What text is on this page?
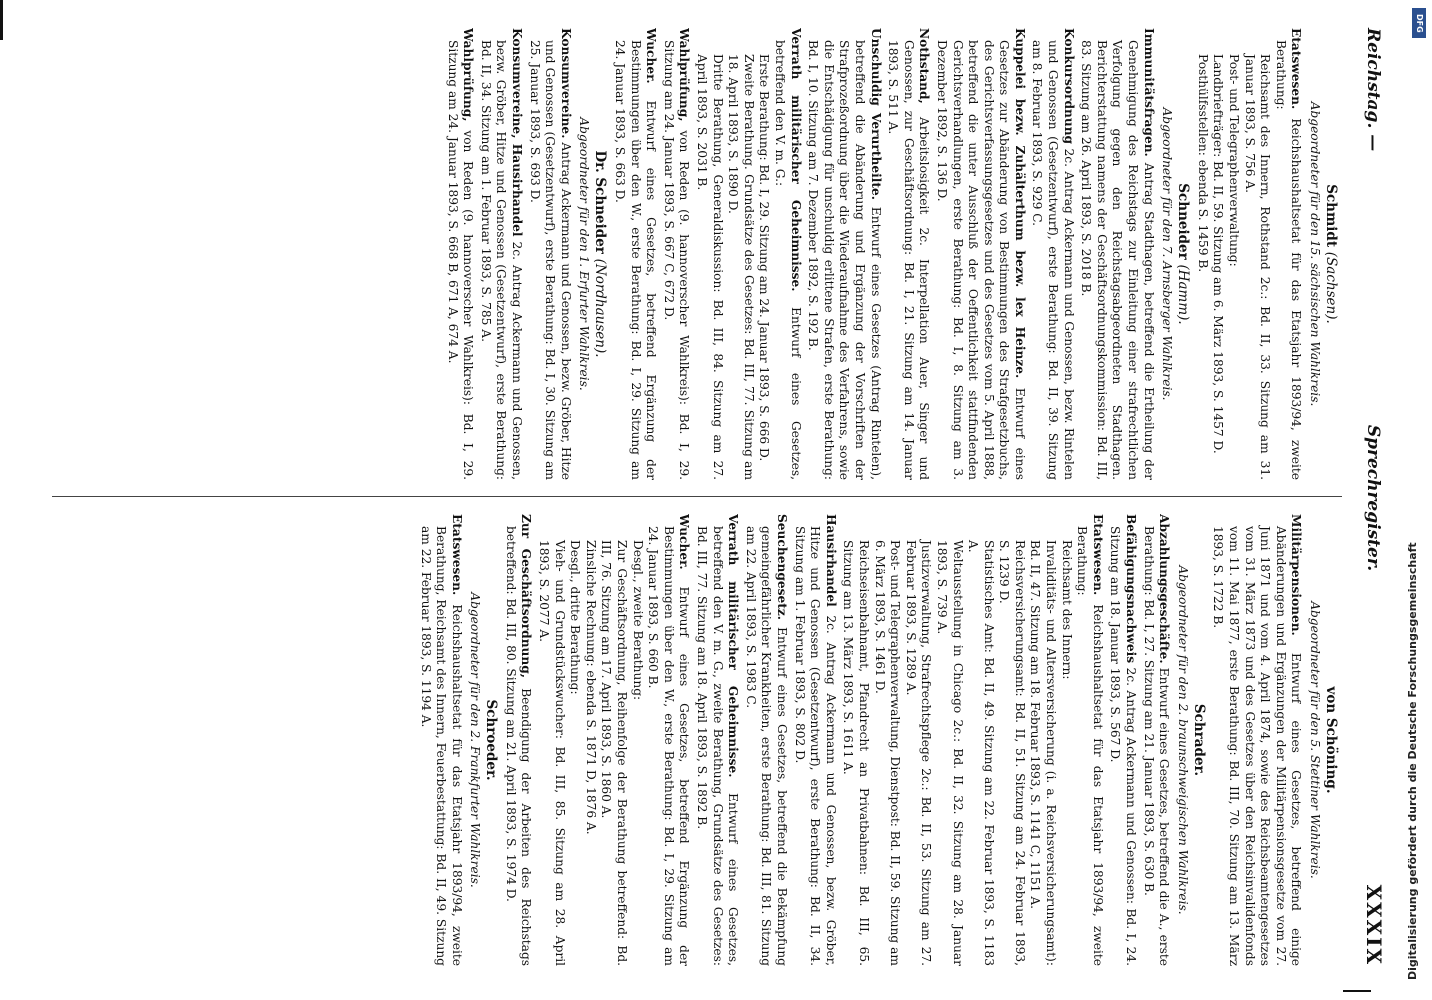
Reichstag. —
Sprechregister.
XXXIX
Schmidt (Sachsen).
Abgeordneter für den 15. sächsischen Wahlkreis.
Etatswesen. Reichshaushaltsetat für das Etatsjahr 1893/94, zweite Berathung:
Reichsamt des Innern, Rothstand 2c.: Bd. II, 33. Sitzung am 31. Januar 1893, S. 756 A.
Post- und Telegraphenverwaltung:
Landbriefträger: Bd. II, 59. Sitzung am 6. März 1893, S. 1457 D.
Posthülfsstellen: ebenda S. 1459 B.
Schneider (Hamm).
Abgeordneter für den 7. Arnsberger Wahlkreis.
Immunitätsfragen. Antrag Stadthagen, betreffend die Ertheilung der Genehmigung des Reichstags zur Einleitung einer strafrechtlichen Verfolgung gegen den Reichstagsabgeordneten Stadthagen. Berichterstattung namens der Geschäftsordnungskommission: Bd. III, 83. Sitzung am 26. April 1893, S. 2018 B.
Konkursordnung 2c. Antrag Ackermann und Genossen, bezw. Rintelen und Genossen (Gesetzentwurf), erste Berathung: Bd. II, 39. Sitzung am 8. Februar 1893, S. 929 C.
Kuppelei bezw. Zuhälterthum bezw. lex Heinze. Entwurf eines Gesetzes zur Abänderung von Bestimmungen des Strafgesetzbuchs, des Gerichtsverfassungsgesetzes und des Gesetzes vom 5. April 1888, betreffend die unter Ausschluß der Oeffentlichkeit stattfindenden Gerichtsverhandlungen, erste Berathung: Bd. I, 8. Sitzung am 3. Dezember 1892, S. 136 D.
Nothstand, Arbeitslosigkeit 2c. Interpellation Auer, Singer und Genossen, zur Geschäftsordnung: Bd. I, 21. Sitzung am 14. Januar 1893, S. 511 A.
Unschuldig Verurtheilte. Entwurf eines Gesetzes (Antrag Rintelen), betreffend die Abänderung und Ergänzung der Vorschriften der Strafprozeßordnung über die Wiederaufnahme des Verfahrens, sowie die Entschädigung für unschuldig erlittene Strafen, erste Berathung: Bd. I, 10. Sitzung am 7. Dezember 1892, S. 192 B.
Verrath militärischer Geheimnisse. Entwurf eines Gesetzes, betreffend den V. m. G.:
Erste Berathung: Bd. I, 29. Sitzung am 24. Januar 1893, S. 666 D.
Zweite Berathung. Grundsätze des Gesetzes: Bd. III, 77. Sitzung am 18. April 1893, S. 1890 D.
Dritte Berathung, Generaldiskussion: Bd. III, 84. Sitzung am 27. April 1893, S. 2031 B.
Wahlprüfung, von Reden (9. hannoverscher Wahlkreis): Bd. I, 29. Sitzung am 24. Januar 1893, S. 667 C, 672 D.
Wucher. Entwurf eines Gesetzes, betreffend Ergänzung der Bestimmungen über den W., erste Berathung: Bd. I, 29. Sitzung am 24. Januar 1893, S. 663 D.
Dr. Schneider (Nordhausen).
Abgeordneter für den 1. Erfurter Wahlkreis.
Konsumvereine. Antrag Ackermann und Genossen, bezw. Gröber, Hitze und Genossen (Gesetzentwurf), erste Berathung: Bd. I, 30. Sitzung am 25. Januar 1893, S. 693 D.
Konsumvereine, Hausirhandel 2c. Antrag Ackermann und Genossen, bezw. Gröber, Hitze und Genossen (Gesetzentwurf), erste Berathung: Bd. II, 34. Sitzung am 1. Februar 1893, S. 785 A.
Wahlprüfung, von Reden (9. hannoverscher Wahlkreis): Bd. I, 29. Sitzung am 24. Januar 1893, S. 668 B, 671 A, 674 A.
von Schöning.
Abgeordneter für den 5. Stettiner Wahlkreis.
Militärpensionen. Entwurf eines Gesetzes, betreffend einige Abänderungen und Ergänzungen der Militärpensionsgesetze vom 27. Juni 1871 und vom 4. April 1874, sowie des Reichsbeamtengesetzes vom 31. März 1873 und des Gesetzes über den Reichsinvalidenfonds vom 11. Mai 1877, erste Berathung: Bd. III, 70. Sitzung am 13. März 1893, S. 1722 B.
Schrader.
Abgeordneter für den 2. braunschweigischen Wahlkreis.
Abzahlungsgeschäfte. Entwurf eines Gesetzes, betreffend die A., erste Berathung: Bd. I, 27. Sitzung am 21. Januar 1893, S. 630 B.
Befähigungsnachweis 2c. Antrag Ackermann und Genossen: Bd. I, 24. Sitzung am 18. Januar 1893, S. 567 D.
Etatswesen. Reichshaushaltsetat für das Etatsjahr 1893/94, zweite Berathung:
Reichsamt des Innern:
Invaliditäts- und Altersversicherung (i. a. Reichsversicherungsamt): Bd. II, 47. Sitzung am 18. Februar 1893, S. 1141 C, 1151 A.
Reichsversicherungsamt: Bd. II, 51. Sitzung am 24. Februar 1893, S. 1239 D.
Statistisches Amt: Bd. II, 49. Sitzung am 22. Februar 1893, S. 1183 A.
Weltausstellung in Chicago 2c.: Bd. II, 32. Sitzung am 28. Januar 1893, S. 739 A.
Justizverwaltung, Strafrechtspflege 2c.: Bd. II, 53. Sitzung am 27. Februar 1893, S. 1289 A.
Post- und Telegraphenverwaltung, Dienstpost: Bd. II, 59. Sitzung am 6. März 1893, S. 1461 D.
Reichseisenbahnamt, Pfandrecht an Privatbahnen: Bd. III, 65. Sitzung am 13. März 1893, S. 1611 A.
Hausirhandel 2c. Antrag Ackermann und Genossen, bezw. Gröber, Hitze und Genossen (Gesetzentwurf), erste Berathung: Bd. II, 34. Sitzung am 1. Februar 1893, S. 802 D.
Seuchengesetz. Entwurf eines Gesetzes, betreffend die Bekämpfung gemeingefährlicher Krankheiten, erste Berathung: Bd. III, 81. Sitzung am 22. April 1893, S. 1983 C.
Verrath militärischer Geheimnisse. Entwurf eines Gesetzes, betreffend den V. m. G., zweite Berathung, Grundsätze des Gesetzes: Bd. III, 77. Sitzung am 18. April 1893, S. 1892 B.
Wucher. Entwurf eines Gesetzes, betreffend Ergänzung der Bestimmungen über den W., erste Berathung: Bd. I, 29. Sitzung am 24. Januar 1893, S. 660 B.
Desgl., zweite Berathung:
Zur Geschäftsordnung, Reihenfolge der Berathung betreffend: Bd. III, 76. Sitzung am 17. April 1893, S. 1860 A.
Zinsliche Rechnung: ebenda S. 1871 D, 1876 A.
Desgl., dritte Berathung:
Vieh- und Grundstückswucher: Bd. III, 85. Sitzung am 28. April 1893, S. 2077 A.
Zur Geschäftsordnung, Beendigung der Arbeiten des Reichstags betreffend: Bd. III, 80. Sitzung am 21. April 1893, S. 1974 D.
Schroeder.
Abgeordneter für den 2. Frankfurter Wahlkreis.
Etatswesen. Reichshaushaltsetat für das Etatsjahr 1893/94, zweite Berathung, Reichsamt des Innern, Feuerbestattung: Bd. II, 49. Sitzung am 22. Februar 1893, S. 1194 A.	Digitalisierung gefördert durch die Deutsche Forschungsgemeinschaft
DFG
